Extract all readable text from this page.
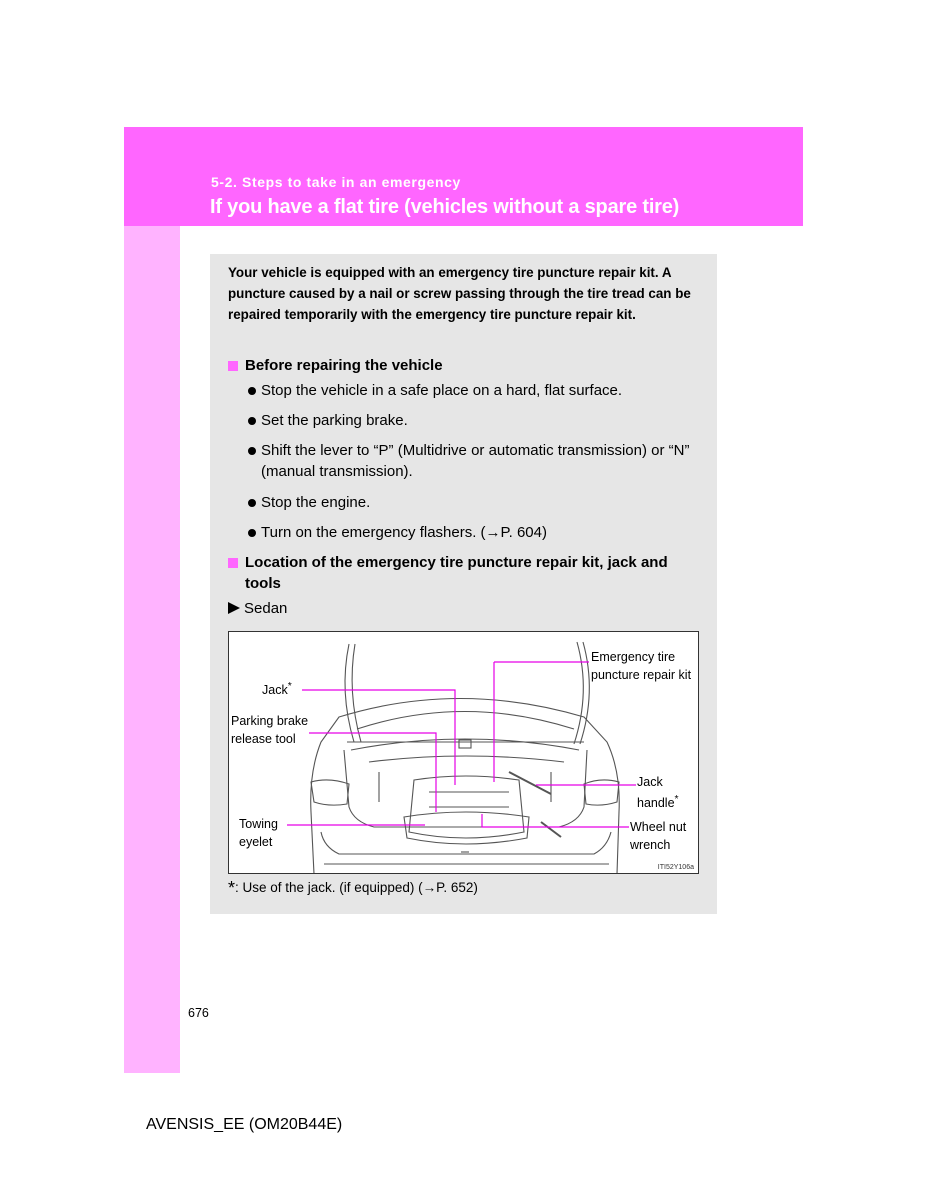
5-2. Steps to take in an emergency
If you have a flat tire (vehicles without a spare tire)
Your vehicle is equipped with an emergency tire puncture repair kit. A puncture caused by a nail or screw passing through the tire tread can be repaired temporarily with the emergency tire puncture repair kit.
Before repairing the vehicle
Stop the vehicle in a safe place on a hard, flat surface.
Set the parking brake.
Shift the lever to “P” (Multidrive or automatic transmission) or “N” (manual transmission).
Stop the engine.
Turn on the emergency flashers. (→P. 604)
Location of the emergency tire puncture repair kit, jack and tools
Sedan
Jack*
Parking brake
release tool
Towing
eyelet
Emergency tire
puncture repair kit
Jack
handle*
Wheel nut
wrench
ITI52Y106a
*: Use of the jack. (if equipped) (→P. 652)
676
AVENSIS_EE (OM20B44E)
